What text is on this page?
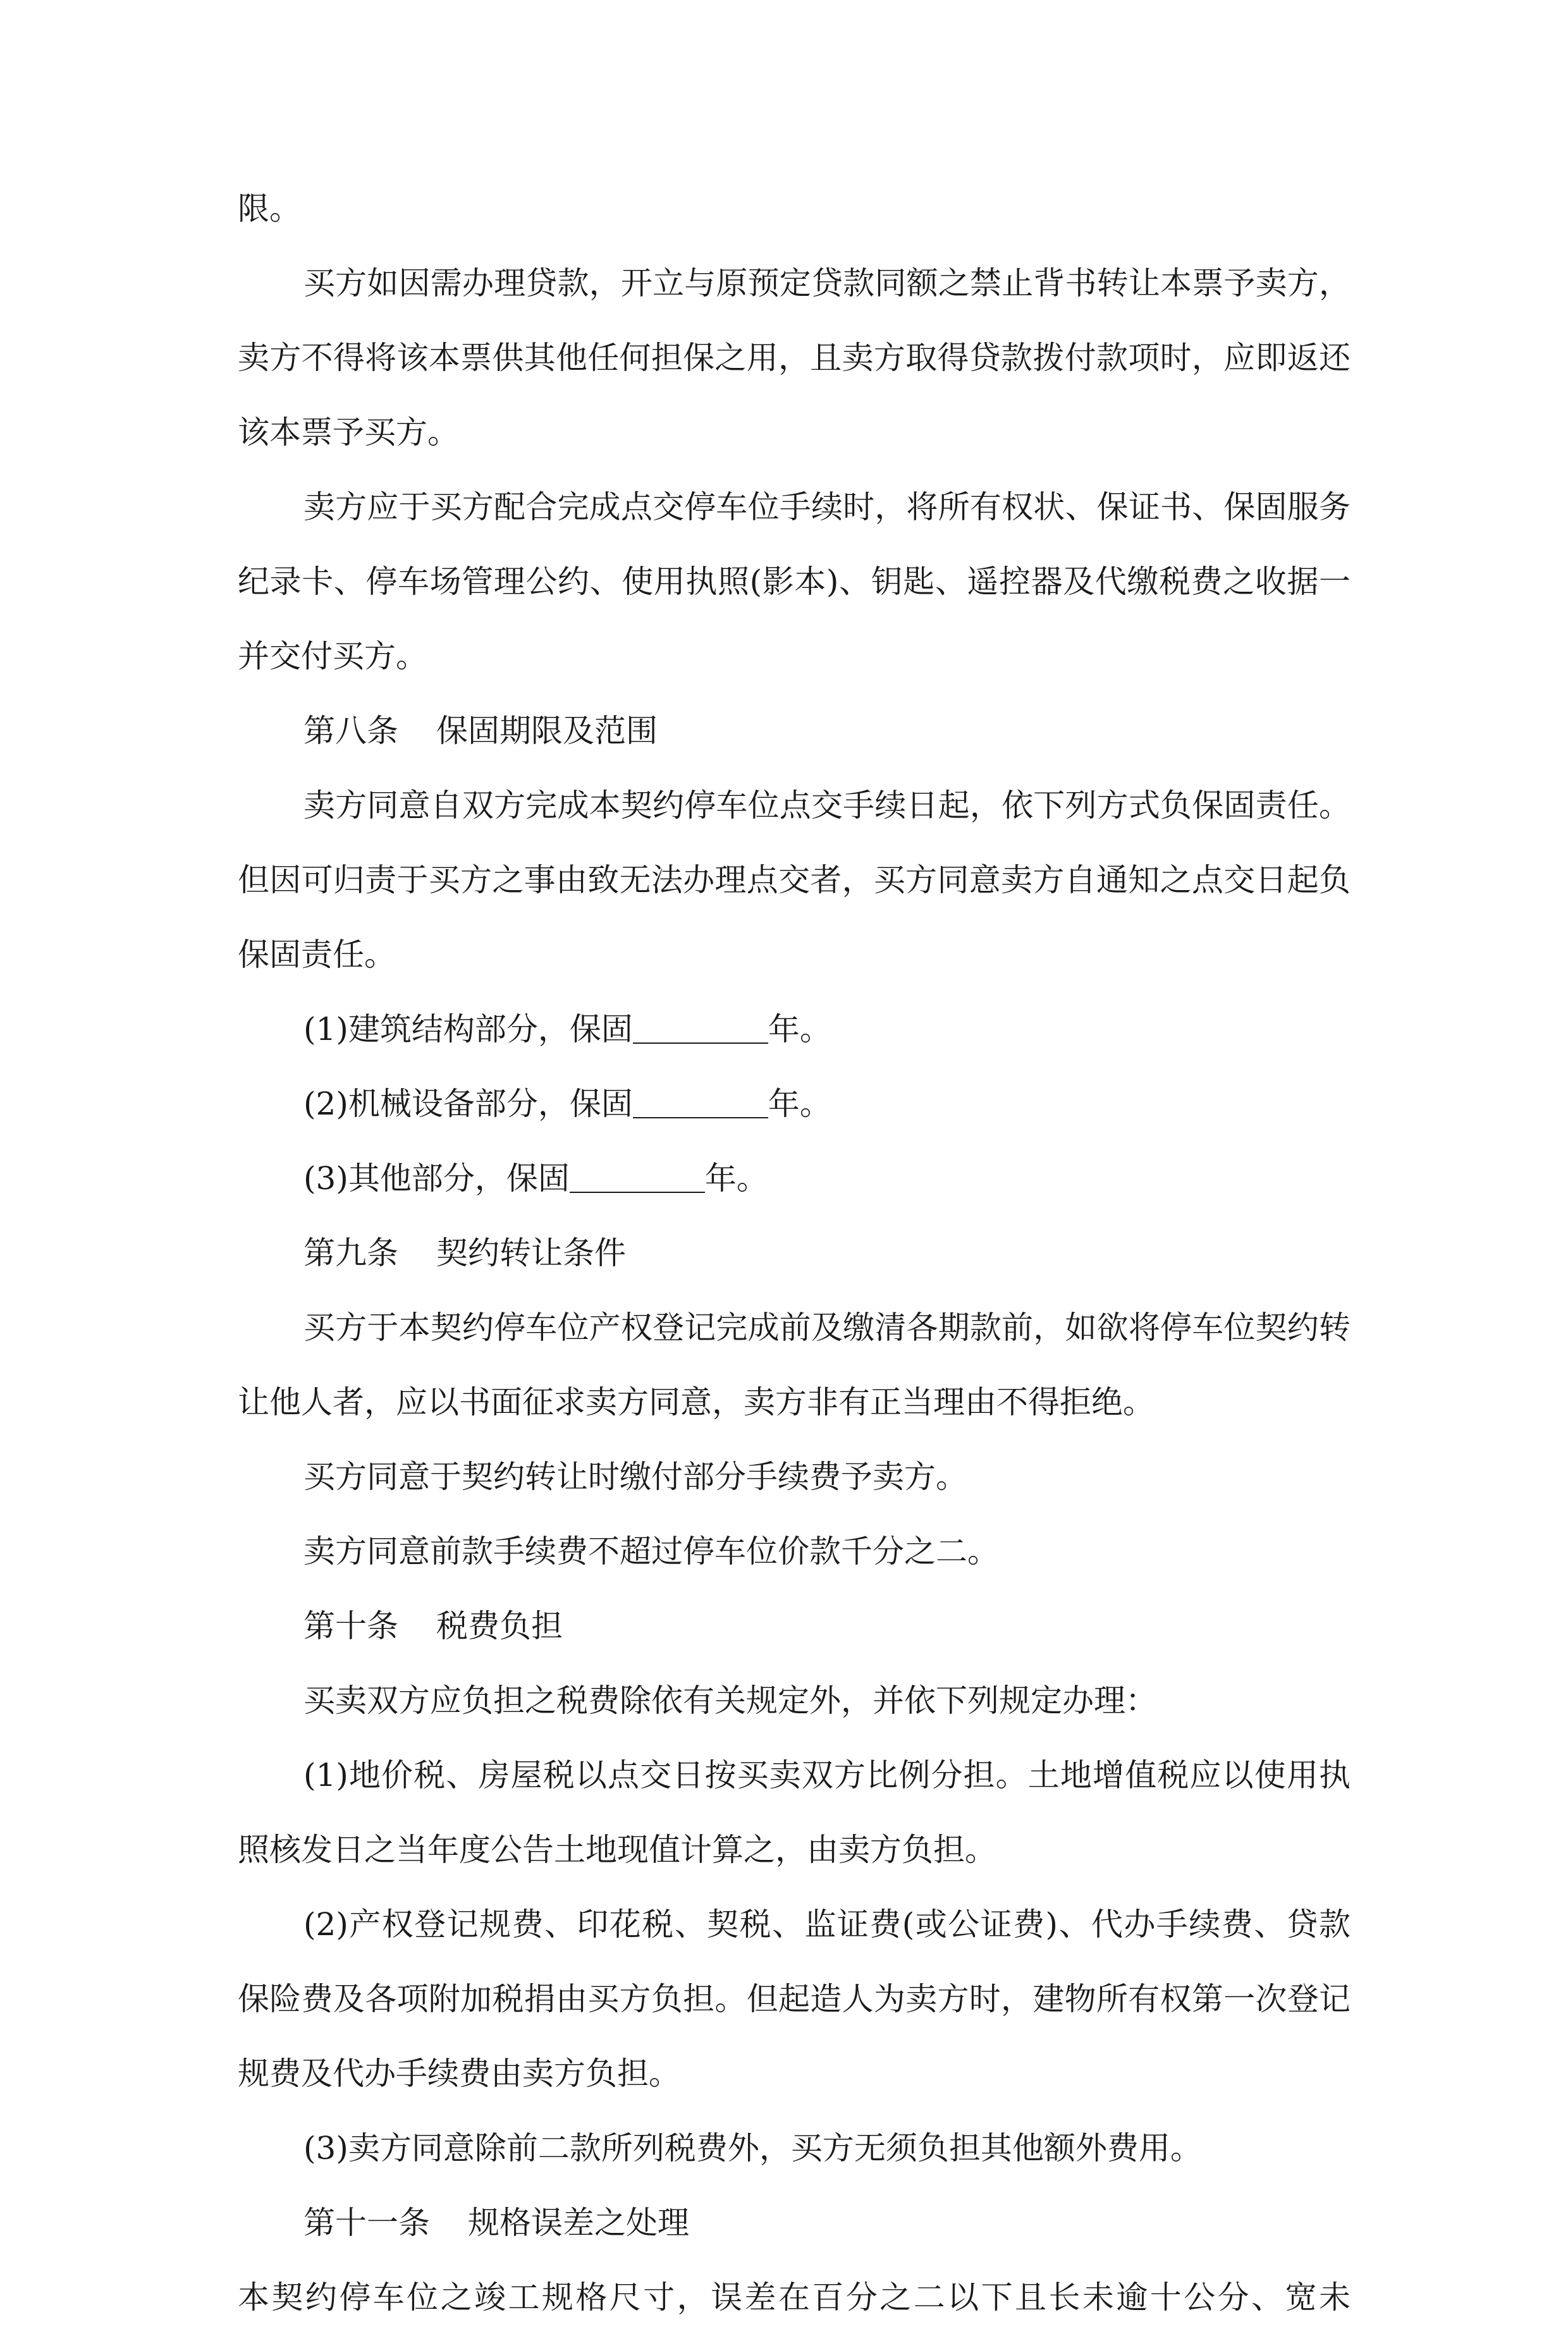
限。
买方如因需办理贷款，开立与原预定贷款同额之禁止背书转让本票予卖方，
卖方不得将该本票供其他任何担保之用，且卖方取得贷款拨付款项时，应即返还
该本票予买方。
卖方应于买方配合完成点交停车位手续时，将所有权状、保证书、保固服务
纪录卡、停车场管理公约、使用执照(影本)、钥匙、遥控器及代缴税费之收据一
并交付买方。
第八条 保固期限及范围
卖方同意自双方完成本契约停车位点交手续日起，依下列方式负保固责任。
但因可归责于买方之事由致无法办理点交者，买方同意卖方自通知之点交日起负
保固责任。
(1)建筑结构部分，保固	年。
(2)机械设备部分，保固	年。
(3)其他部分，保固	年。
第九条 契约转让条件
买方于本契约停车位产权登记完成前及缴清各期款前，如欲将停车位契约转
让他人者，应以书面征求卖方同意，卖方非有正当理由不得拒绝。
买方同意于契约转让时缴付部分手续费予卖方。
卖方同意前款手续费不超过停车位价款千分之二。
第十条 税费负担
买卖双方应负担之税费除依有关规定外，并依下列规定办理：
(1)地价税、房屋税以点交日按买卖双方比例分担。土地增值税应以使用执
照核发日之当年度公告土地现值计算之，由卖方负担。
(2)产权登记规费、印花税、契税、监证费(或公证费)、代办手续费、贷款
保险费及各项附加税捐由买方负担。但起造人为卖方时，建物所有权第一次登记
规费及代办手续费由卖方负担。
(3)卖方同意除前二款所列税费外，买方无须负担其他额外费用。
第十一条 规格误差之处理
本契约停车位之竣工规格尺寸，误差在百分之二以下且长未逾十公分、宽未
